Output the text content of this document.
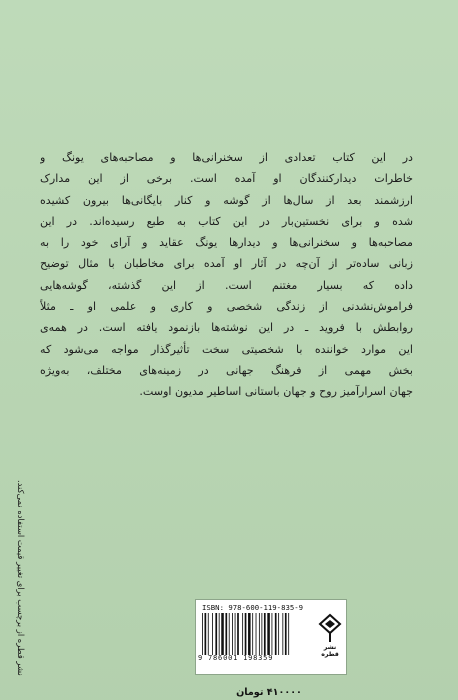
در این کتاب تعدادی از سخنرانی‌ها و مصاحبه‌های یونگ و
خاطرات دیدارکنندگان او آمده است. برخی از این مدارک
ارزشمند بعد از سال‌ها از گوشه و کنار بایگانی‌ها بیرون کشیده
شده و برای نخستین‌بار در این کتاب به طبع رسیده‌اند. در این
مصاحبه‌ها و سخنرانی‌ها و دیدارها یونگ عقاید و آرای خود را به
زبانی ساده‌تر از آن‌چه در آثار او آمده برای مخاطبان با مثال توضیح
داده که بسیار مغتنم است. از این گذشته، گوشه‌هایی
فراموش‌نشدنی از زندگی شخصی و کاری و علمی او ـ مثلاً
روابطش با فروید ـ در این نوشته‌ها بازنمود یافته است. در همه‌ی
این موارد خواننده با شخصیتی سخت تأثیرگذار مواجه می‌شود که
بخش مهمی از فرهنگ جهانی در زمینه‌های مختلف، به‌ویژه
جهان اسرارآمیز روح و جهان باستانی اساطیر مدیون اوست.
نشر قطره از برچسب برای تغییر قیمت استفاده نمی‌کند.	ISBN: 978-600-119-835-9
9 786001 198359
نشر قطره
۴۱۰۰۰۰ تومان
